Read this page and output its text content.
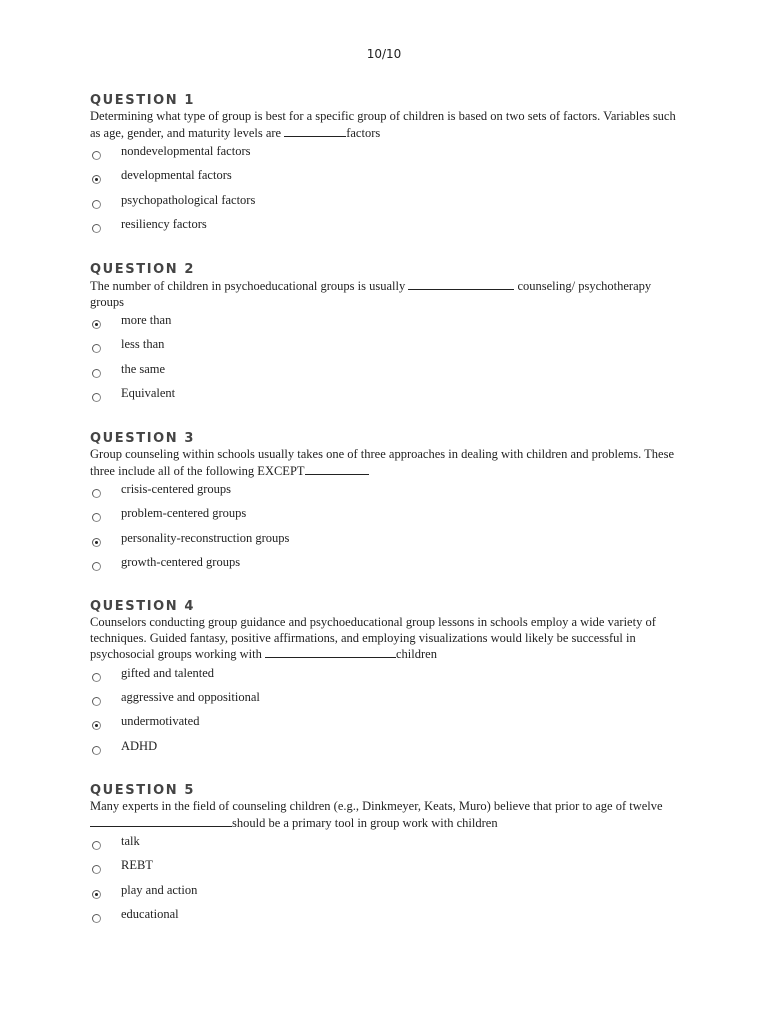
10/10
QUESTION 1
Determining what type of group is best for a specific group of children is based on two sets of factors. Variables such as age, gender, and maturity levels are	factors
nondevelopmental factors
developmental factors
psychopathological factors
resiliency factors
QUESTION 2
The number of children in psychoeducational groups is usually	counseling/ psychotherapy groups
more than
less than
the same
Equivalent
QUESTION 3
Group counseling within schools usually takes one of three approaches in dealing with children and problems. These three include all of the following EXCEPT
crisis-centered groups
problem-centered groups
personality-reconstruction groups
growth-centered groups
QUESTION 4
Counselors conducting group guidance and psychoeducational group lessons in schools employ a wide variety of techniques. Guided fantasy, positive affirmations, and employing visualizations would likely be successful in psychosocial groups working with	children
gifted and talented
aggressive and oppositional
undermotivated
ADHD
QUESTION 5
Many experts in the field of counseling children (e.g., Dinkmeyer, Keats, Muro) believe that prior to age of twelve should be a primary tool in group work with children
talk
REBT
play and action
educational
